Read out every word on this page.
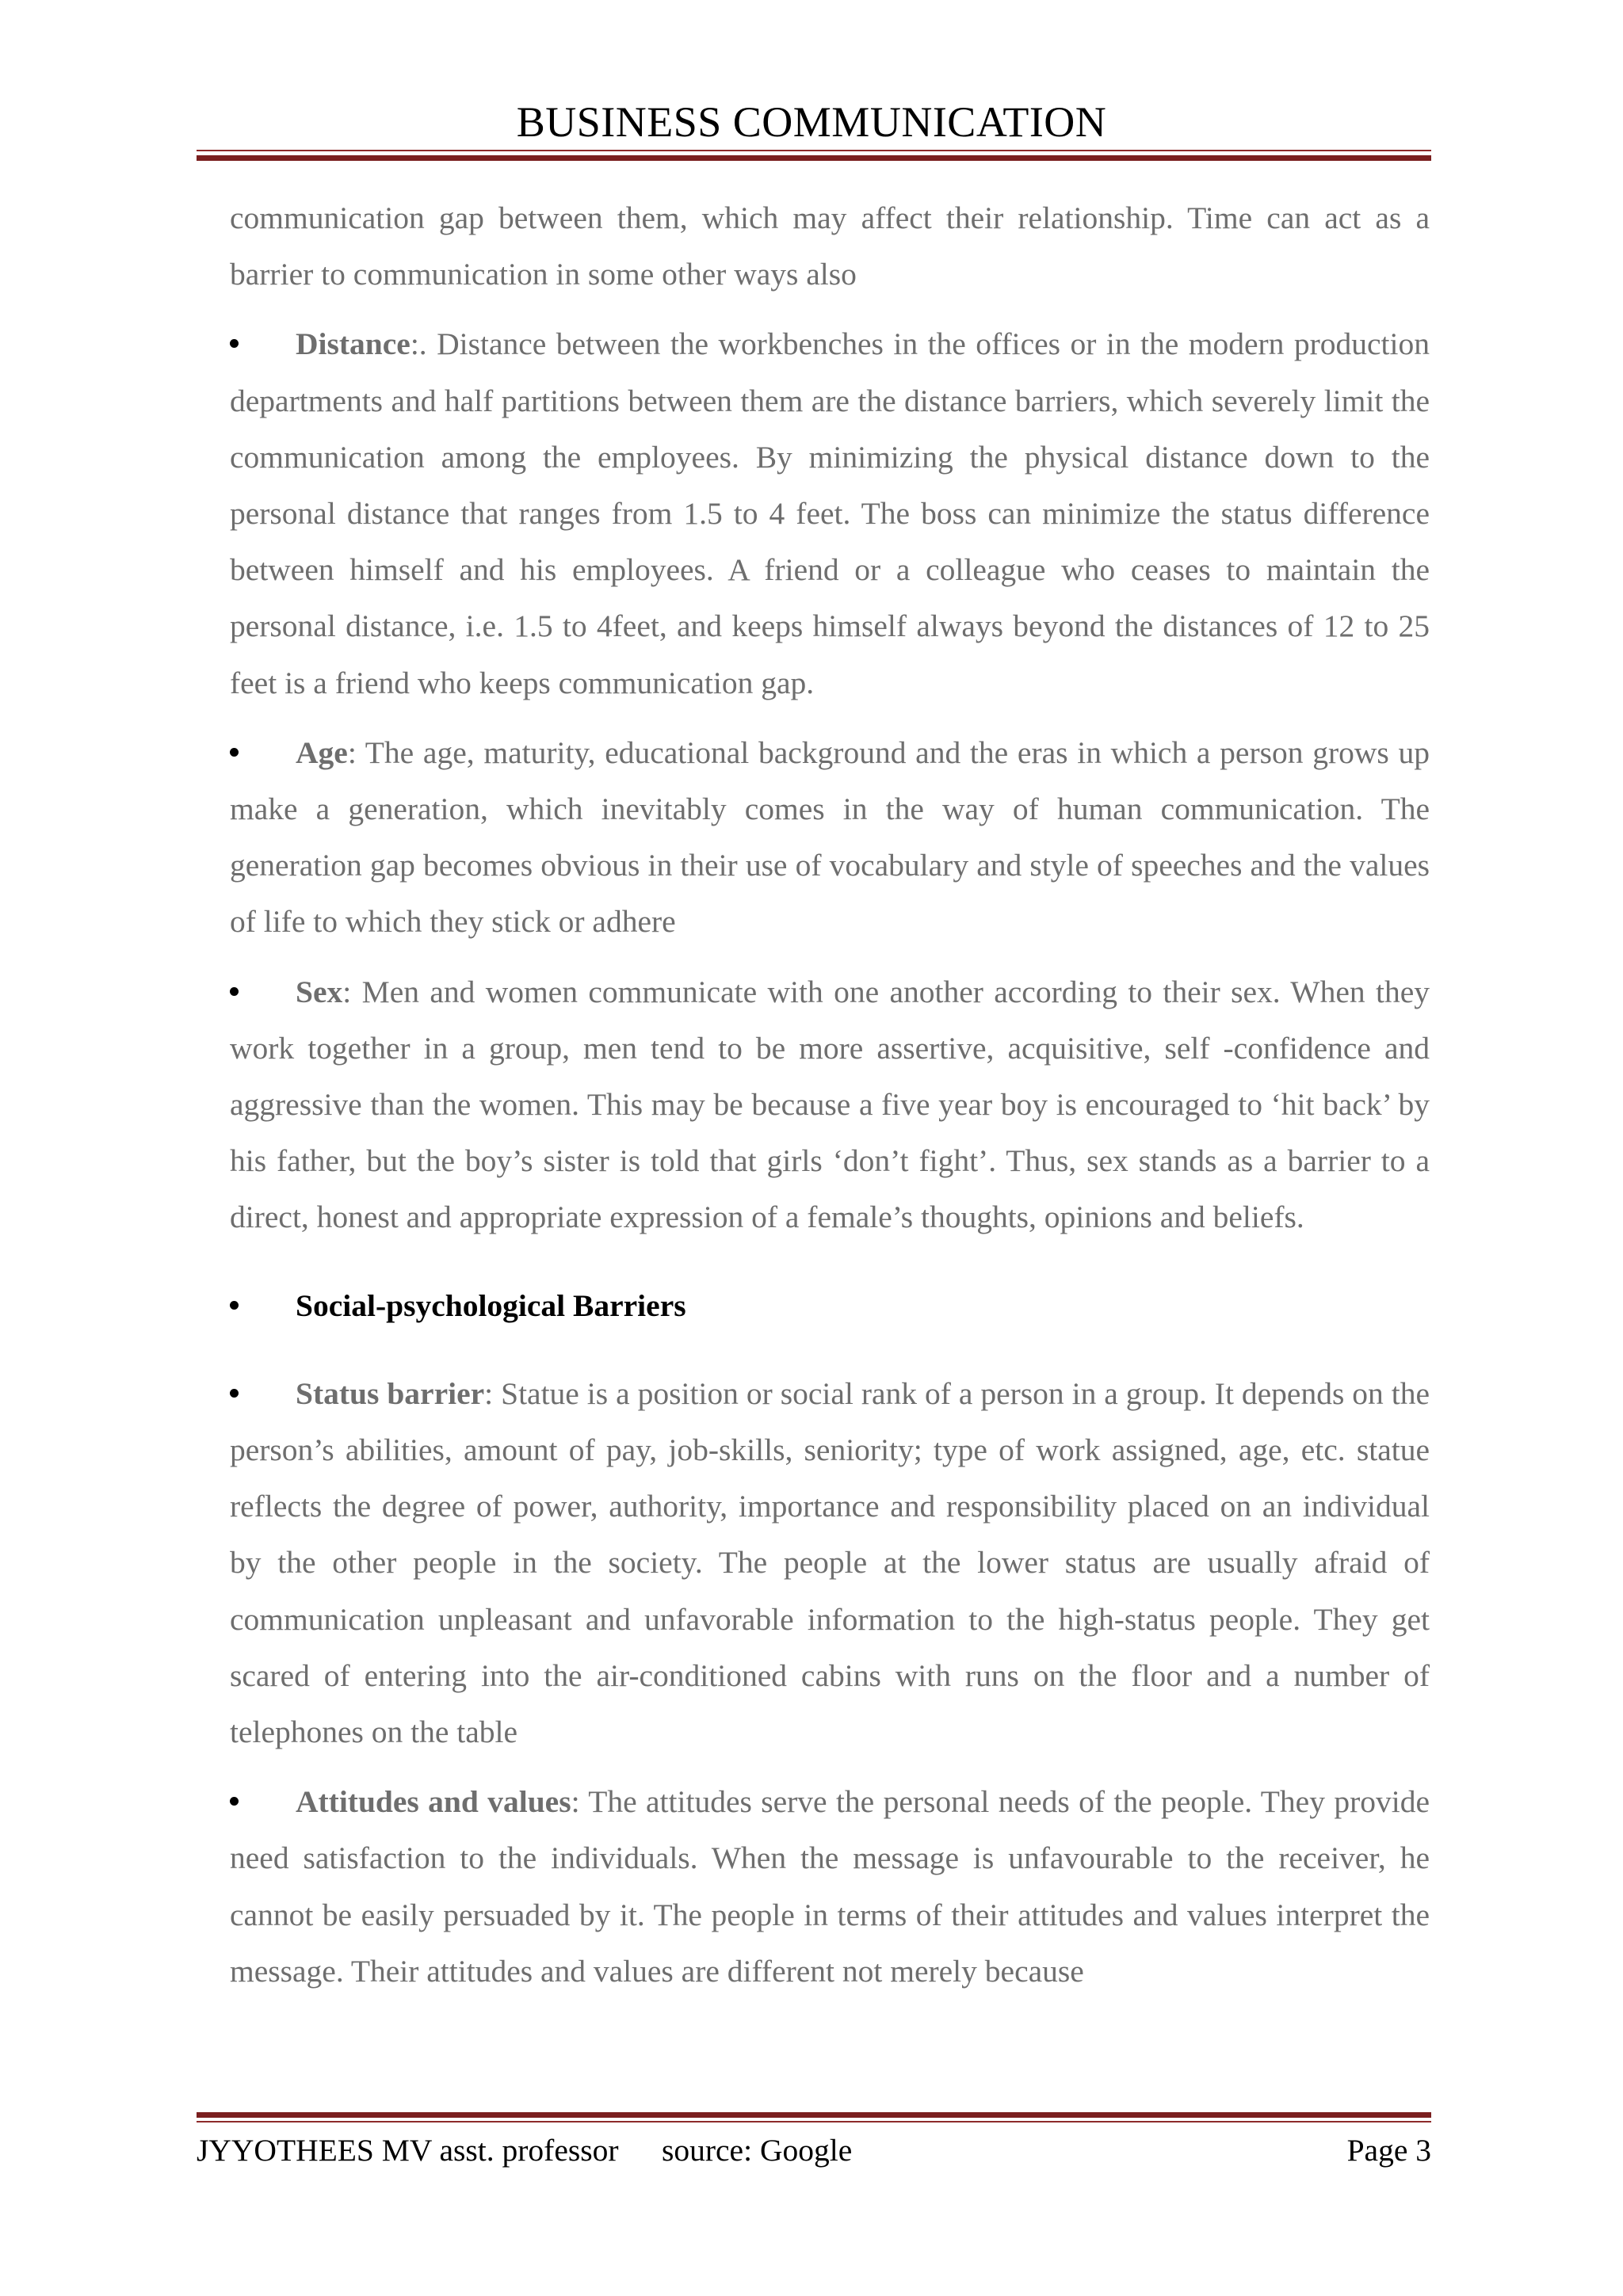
BUSINESS COMMUNICATION

communication gap between them, which may affect their relationship. Time can act as a barrier to communication in some other ways also

Distance:. Distance between the workbenches in the offices or in the modern production departments and half partitions between them are the distance barriers, which severely limit the communication among the employees. By minimizing the physical distance down to the personal distance that ranges from 1.5 to 4 feet. The boss can minimize the status difference between himself and his employees. A friend or a colleague who ceases to maintain the personal distance, i.e. 1.5 to 4feet, and keeps himself always beyond the distances of 12 to 25 feet is a friend who keeps communication gap.
Age: The age, maturity, educational background and the eras in which a person grows up make a generation, which inevitably comes in the way of human communication. The generation gap becomes obvious in their use of vocabulary and style of speeches and the values of life to which they stick or adhere
Sex: Men and women communicate with one another according to their sex. When they work together in a group, men tend to be more assertive, acquisitive, self -confidence and aggressive than the women. This may be because a five year boy is encouraged to ‘hit back’ by his father, but the boy’s sister is told that girls ‘don’t fight’. Thus, sex stands as a barrier to a direct, honest and appropriate expression of a female’s thoughts, opinions and beliefs.
Social-psychological Barriers
Status barrier: Statue is a position or social rank of a person in a group. It depends on the person’s abilities, amount of pay, job-skills, seniority; type of work assigned, age, etc. statue reflects the degree of power, authority, importance and responsibility placed on an individual by the other people in the society. The people at the lower status are usually afraid of communication unpleasant and unfavorable information to the high-status people. They get scared of entering into the air-conditioned cabins with runs on the floor and a number of telephones on the table
Attitudes and values: The attitudes serve the personal needs of the people. They provide need satisfaction to the individuals. When the message is unfavourable to the receiver, he cannot be easily persuaded by it. The people in terms of their attitudes and values interpret the message. Their attitudes and values are different not merely because
JYYOTHEES MV asst. professor source: Google	Page 3
